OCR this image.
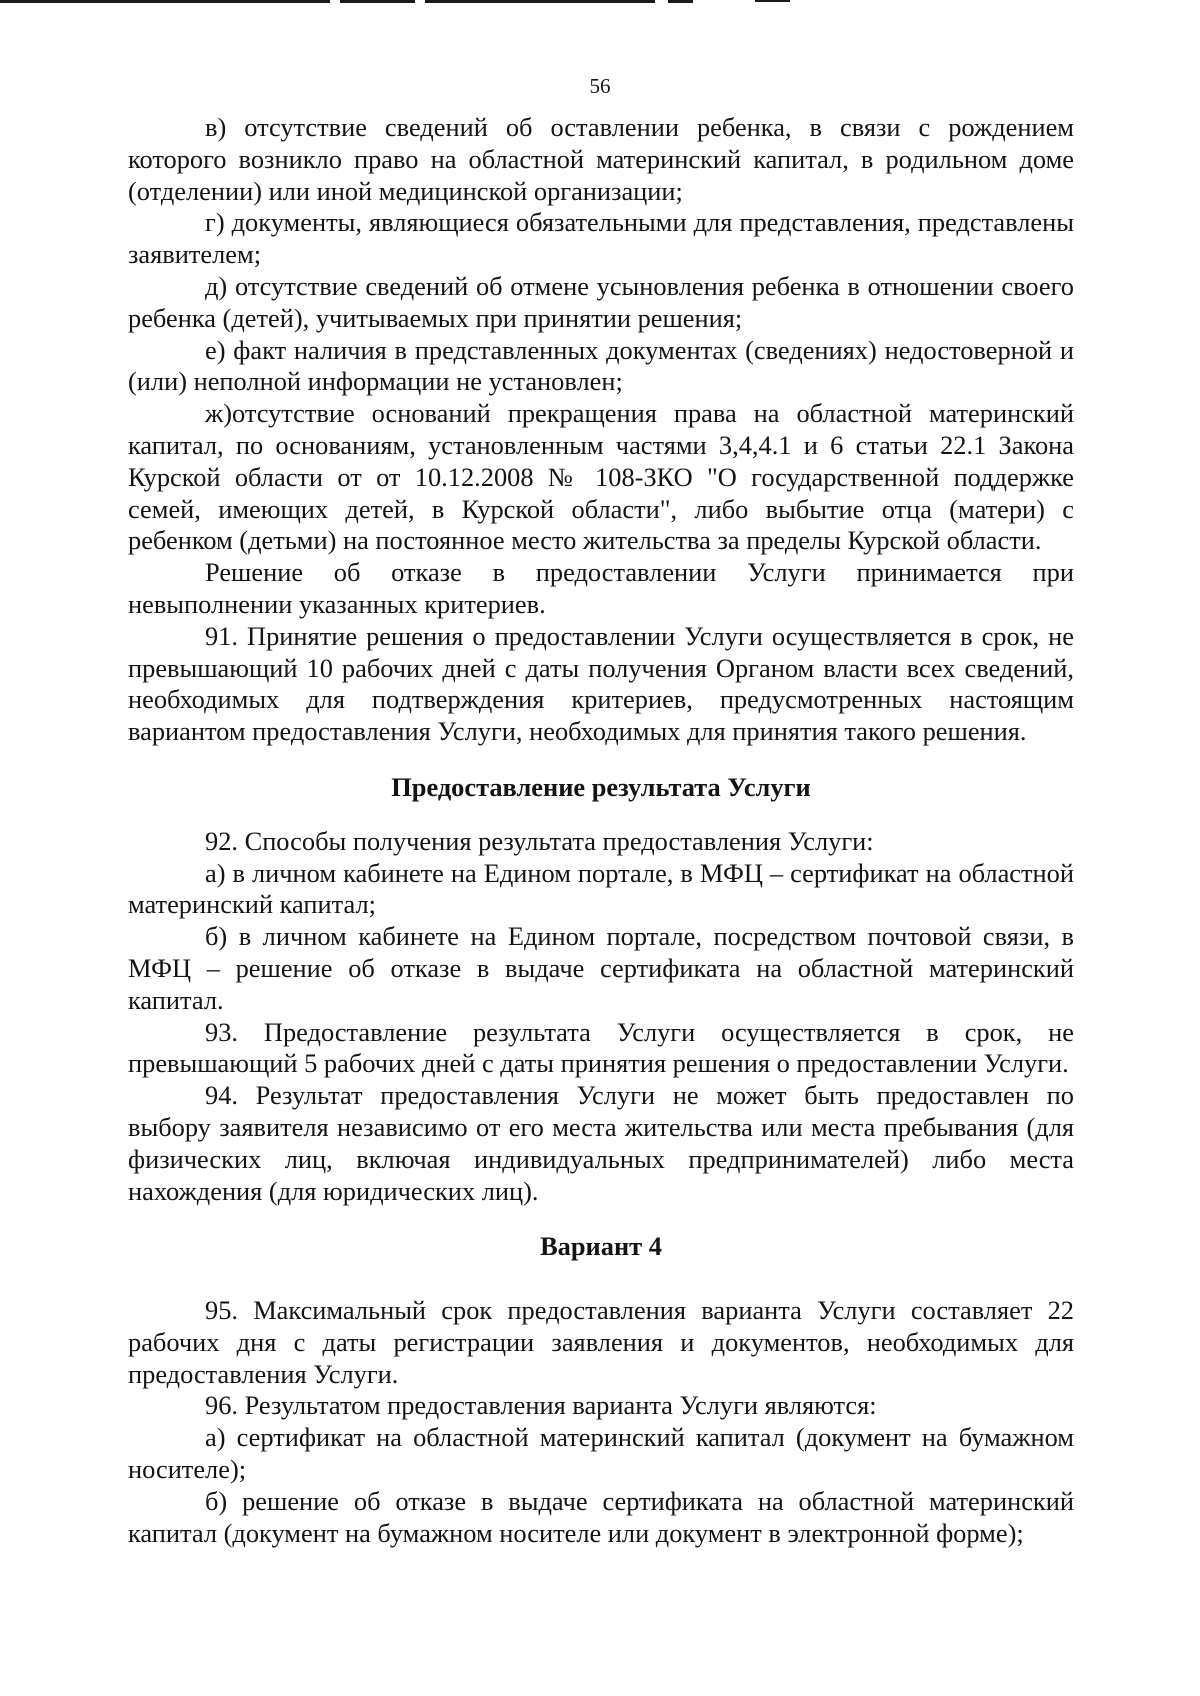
56

в) отсутствие сведений об оставлении ребенка, в связи с рождением которого возникло право на областной материнский капитал, в родильном доме (отделении) или иной медицинской организации;

г) документы, являющиеся обязательными для представления, представлены заявителем;

д) отсутствие сведений об отмене усыновления ребенка в отношении своего ребенка (детей), учитываемых при принятии решения;

е) факт наличия в представленных документах (сведениях) недостоверной и (или) неполной информации не установлен;

ж)отсутствие оснований прекращения права на областной материнский капитал, по основаниям, установленным частями 3,4,4.1 и 6 статьи 22.1 Закона Курской области от от 10.12.2008 № 108-ЗКО "О государственной поддержке семей, имеющих детей, в Курской области", либо выбытие отца (матери) с ребенком (детьми) на постоянное место жительства за пределы Курской области.

Решение об отказе в предоставлении Услуги принимается при невыполнении указанных критериев.

91. Принятие решения о предоставлении Услуги осуществляется в срок, не превышающий 10 рабочих дней с даты получения Органом власти всех сведений, необходимых для подтверждения критериев, предусмотренных настоящим вариантом предоставления Услуги, необходимых для принятия такого решения.

Предоставление результата Услуги

92. Способы получения результата предоставления Услуги:

а) в личном кабинете на Едином портале, в МФЦ – сертификат на областной материнский капитал;

б) в личном кабинете на Едином портале, посредством почтовой связи, в МФЦ – решение об отказе в выдаче сертификата на областной материнский капитал.

93. Предоставление результата Услуги осуществляется в срок, не превышающий 5 рабочих дней с даты принятия решения о предоставлении Услуги.

94. Результат предоставления Услуги не может быть предоставлен по выбору заявителя независимо от его места жительства или места пребывания (для физических лиц, включая индивидуальных предпринимателей) либо места нахождения (для юридических лиц).

Вариант 4

95. Максимальный срок предоставления варианта Услуги составляет 22 рабочих дня с даты регистрации заявления и документов, необходимых для предоставления Услуги.

96. Результатом предоставления варианта Услуги являются:

а) сертификат на областной материнский капитал (документ на бумажном носителе);

б) решение об отказе в выдаче сертификата на областной материнский капитал (документ на бумажном носителе или документ в электронной форме);
